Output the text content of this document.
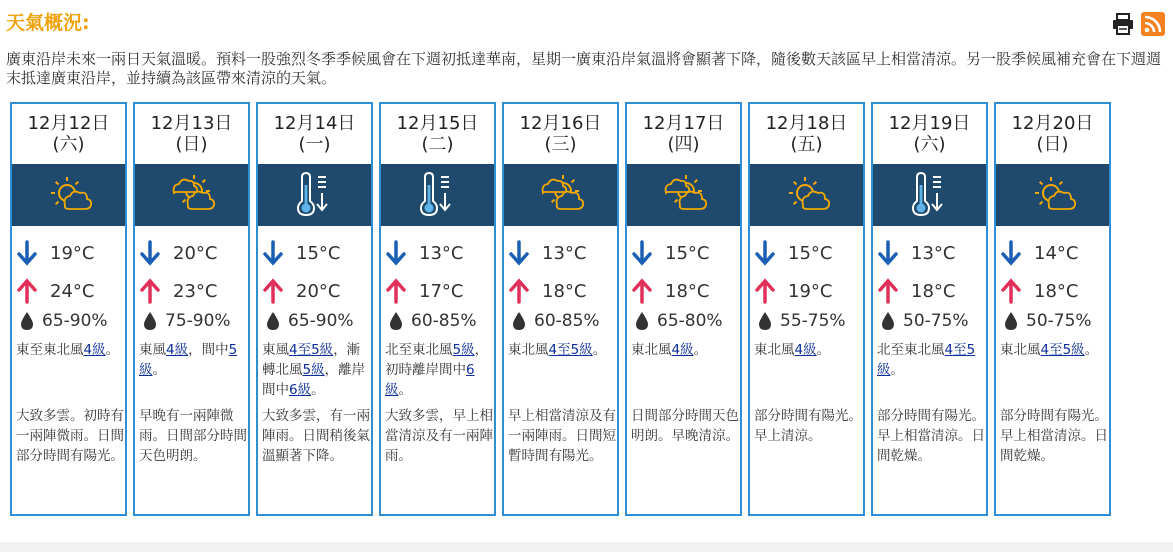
天氣概況:
廣東沿岸未來一兩日天氣溫暖。預料一股強烈冬季季候風會在下週初抵達華南，星期一廣東沿岸氣溫將會顯著下降，隨後數天該區早上相當清涼。另一股季候風補充會在下週週末抵達廣東沿岸，並持續為該區帶來清涼的天氣。
12月12日
(六)
19°C
24°C
65-90%
東至東北風4級。
大致多雲。初時有一兩陣微雨。日間部分時間有陽光。
12月13日
(日)
20°C
23°C
75-90%
東風4級，間中5級。
早晚有一兩陣微雨。日間部分時間天色明朗。
12月14日
(一)
15°C
20°C
65-90%
東風4至5級，漸轉北風5級，離岸間中6級。
大致多雲，有一兩陣雨。日間稍後氣溫顯著下降。
12月15日
(二)
13°C
17°C
60-85%
北至東北風5級，初時離岸間中6級。
大致多雲，早上相當清涼及有一兩陣雨。
12月16日
(三)
13°C
18°C
60-85%
東北風4至5級。
早上相當清涼及有一兩陣雨。日間短暫時間有陽光。
12月17日
(四)
15°C
18°C
65-80%
東北風4級。
日間部分時間天色明朗。早晚清涼。
12月18日
(五)
15°C
19°C
55-75%
東北風4級。
部分時間有陽光。早上清涼。
12月19日
(六)
13°C
18°C
50-75%
北至東北風4至5級。
部分時間有陽光。早上相當清涼。日間乾燥。
12月20日
(日)
14°C
18°C
50-75%
東北風4至5級。
部分時間有陽光。早上相當清涼。日間乾燥。
